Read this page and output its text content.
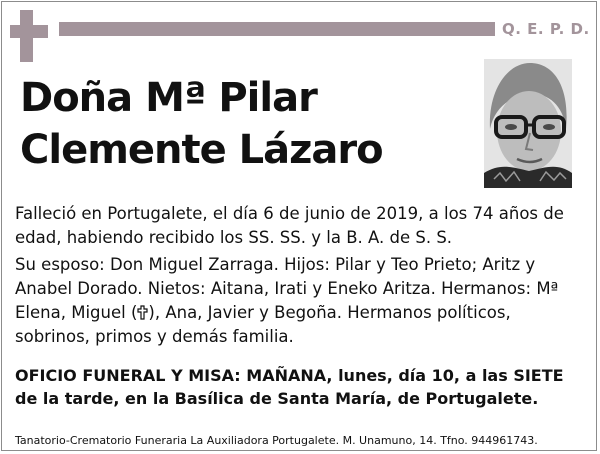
Q. E. P. D.
Doña Mª Pilar
Clemente Lázaro

Falleció en Portugalete, el día 6 de junio de 2019, a los 74 años de edad, habiendo recibido los SS. SS. y la B. A. de S. S.

Su esposo: Don Miguel Zarraga. Hijos: Pilar y Teo Prieto; Aritz y Anabel Dorado. Nietos: Aitana, Irati y Eneko Aritza. Hermanos: Mª Elena, Miguel ( ), Ana, Javier y Begoña. Hermanos políticos, sobrinos, primos y demás familia.

OFICIO FUNERAL Y MISA: MAÑANA, lunes, día 10, a las SIETE de la tarde, en la Basílica de Santa María, de Portugalete.

Tanatorio-Crematorio Funeraria La Auxiliadora Portugalete. M. Unamuno, 14. Tfno. 944961743.
